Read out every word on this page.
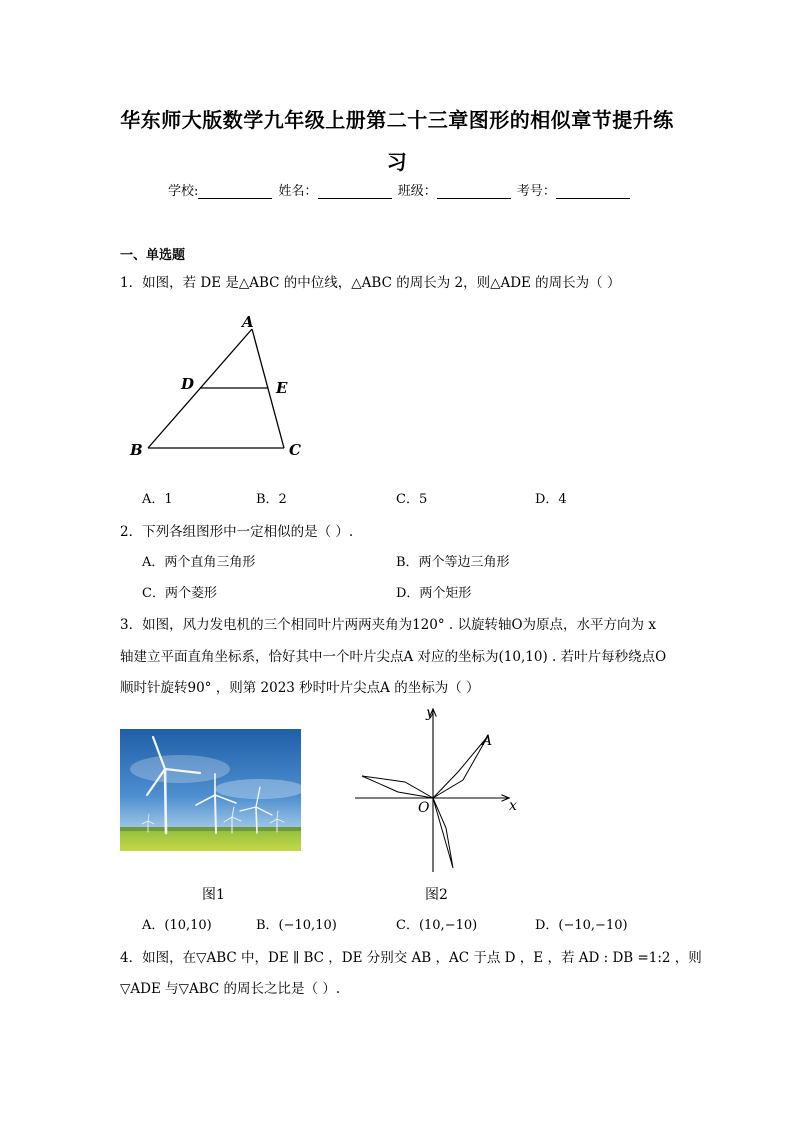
华东师大版数学九年级上册第二十三章图形的相似章节提升练
习
学校:	姓名：	班级：	考号：
一、单选题
1．如图，若 DE 是△ABC 的中位线，△ABC 的周长为 2，则△ADE 的周长为（ ）
A
D	E
B	C
A．1	B．2	C．5	D．4
2．下列各组图形中一定相似的是（ ）.
A．两个直角三角形	B．两个等边三角形
C．两个菱形	D．两个矩形
3．如图，风力发电机的三个相同叶片两两夹角为120° . 以旋转轴O为原点，水平方向为 x
轴建立平面直角坐标系，恰好其中一个叶片尖点A 对应的坐标为(10,10) . 若叶片每秒绕点O
顺时针旋转90° ，则第 2023 秒时叶片尖点A 的坐标为（ ）
图1
y
x
A
O
图2
A．(10,10)	B．(−10,10)	C．(10,−10)	D．(−10,−10)
4．如图，在▽ABC 中，DE ∥ BC ，DE 分别交 AB ，AC 于点 D ，E ，若 AD : DB =1:2 ，则
▽ADE 与▽ABC 的周长之比是（ ）.
